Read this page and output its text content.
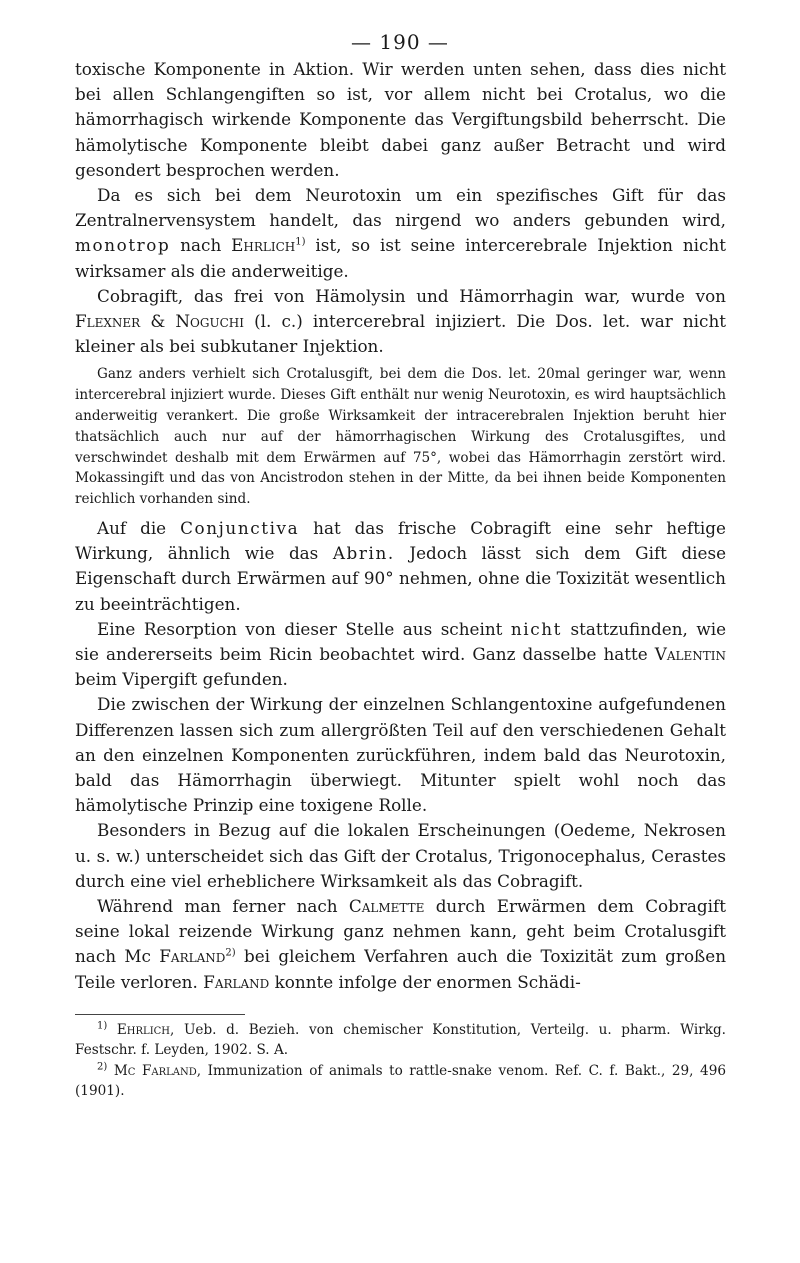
— 190 —

toxische Komponente in Aktion. Wir werden unten sehen, dass dies nicht bei allen Schlangengiften so ist, vor allem nicht bei Crotalus, wo die hämorrhagisch wirkende Komponente das Vergiftungsbild beherrscht. Die hämolytische Komponente bleibt dabei ganz außer Betracht und wird gesondert besprochen werden.

Da es sich bei dem Neurotoxin um ein spezifisches Gift für das Zentralnervensystem handelt, das nirgend wo anders gebunden wird, monotrop nach Ehrlich$^{1)}$ ist, so ist seine intercerebrale Injektion nicht wirksamer als die anderweitige.

Cobragift, das frei von Hämolysin und Hämorrhagin war, wurde von Flexner & Noguchi (l. c.) intercerebral injiziert. Die Dos. let. war nicht kleiner als bei subkutaner Injektion.

Ganz anders verhielt sich Crotalusgift, bei dem die Dos. let. 20mal geringer war, wenn intercerebral injiziert wurde. Dieses Gift enthält nur wenig Neurotoxin, es wird hauptsächlich anderweitig verankert. Die große Wirksamkeit der intracerebralen Injektion beruht hier thatsächlich auch nur auf der hämorrhagischen Wirkung des Crotalusgiftes, und verschwindet deshalb mit dem Erwärmen auf 75°, wobei das Hämorrhagin zerstört wird. Mokassingift und das von Ancistrodon stehen in der Mitte, da bei ihnen beide Komponenten reichlich vorhanden sind.

Auf die Conjunctiva hat das frische Cobragift eine sehr heftige Wirkung, ähnlich wie das Abrin. Jedoch lässt sich dem Gift diese Eigenschaft durch Erwärmen auf 90° nehmen, ohne die Toxizität wesentlich zu beeinträchtigen.

Eine Resorption von dieser Stelle aus scheint nicht stattzufinden, wie sie andererseits beim Ricin beobachtet wird. Ganz dasselbe hatte Valentin beim Vipergift gefunden.

Die zwischen der Wirkung der einzelnen Schlangentoxine aufgefundenen Differenzen lassen sich zum allergrößten Teil auf den verschiedenen Gehalt an den einzelnen Komponenten zurückführen, indem bald das Neurotoxin, bald das Hämorrhagin überwiegt. Mitunter spielt wohl noch das hämolytische Prinzip eine toxigene Rolle.

Besonders in Bezug auf die lokalen Erscheinungen (Oedeme, Nekrosen u. s. w.) unterscheidet sich das Gift der Crotalus, Trigonocephalus, Cerastes durch eine viel erheblichere Wirksamkeit als das Cobragift.

Während man ferner nach Calmette durch Erwärmen dem Cobragift seine lokal reizende Wirkung ganz nehmen kann, geht beim Crotalusgift nach Mc Farland$^{2)}$ bei gleichem Verfahren auch die Toxizität zum großen Teile verloren. Farland konnte infolge der enormen Schädi-

$^{1)}$ Ehrlich, Ueb. d. Bezieh. von chemischer Konstitution, Verteilg. u. pharm. Wirkg. Festschr. f. Leyden, 1902. S. A.

$^{2)}$ Mc Farland, Immunization of animals to rattle-snake venom. Ref. C. f. Bakt., 29, 496 (1901).
